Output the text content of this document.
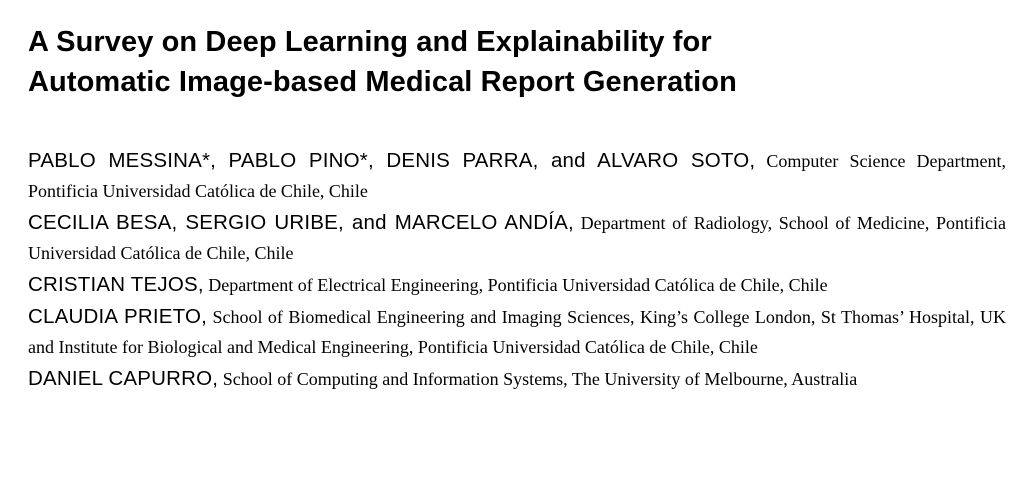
A Survey on Deep Learning and Explainability for
Automatic Image-based Medical Report Generation

PABLO MESSINA*, PABLO PINO*, DENIS PARRA, and ALVARO SOTO, Computer Science Department, Pontificia Universidad Católica de Chile, Chile

CECILIA BESA, SERGIO URIBE, and MARCELO ANDÍA, Department of Radiology, School of Medicine, Pontificia Universidad Católica de Chile, Chile

CRISTIAN TEJOS, Department of Electrical Engineering, Pontificia Universidad Católica de Chile, Chile

CLAUDIA PRIETO, School of Biomedical Engineering and Imaging Sciences, King’s College London, St Thomas’ Hospital, UK and Institute for Biological and Medical Engineering, Pontificia Universidad Católica de Chile, Chile

DANIEL CAPURRO, School of Computing and Information Systems, The University of Melbourne, Australia
